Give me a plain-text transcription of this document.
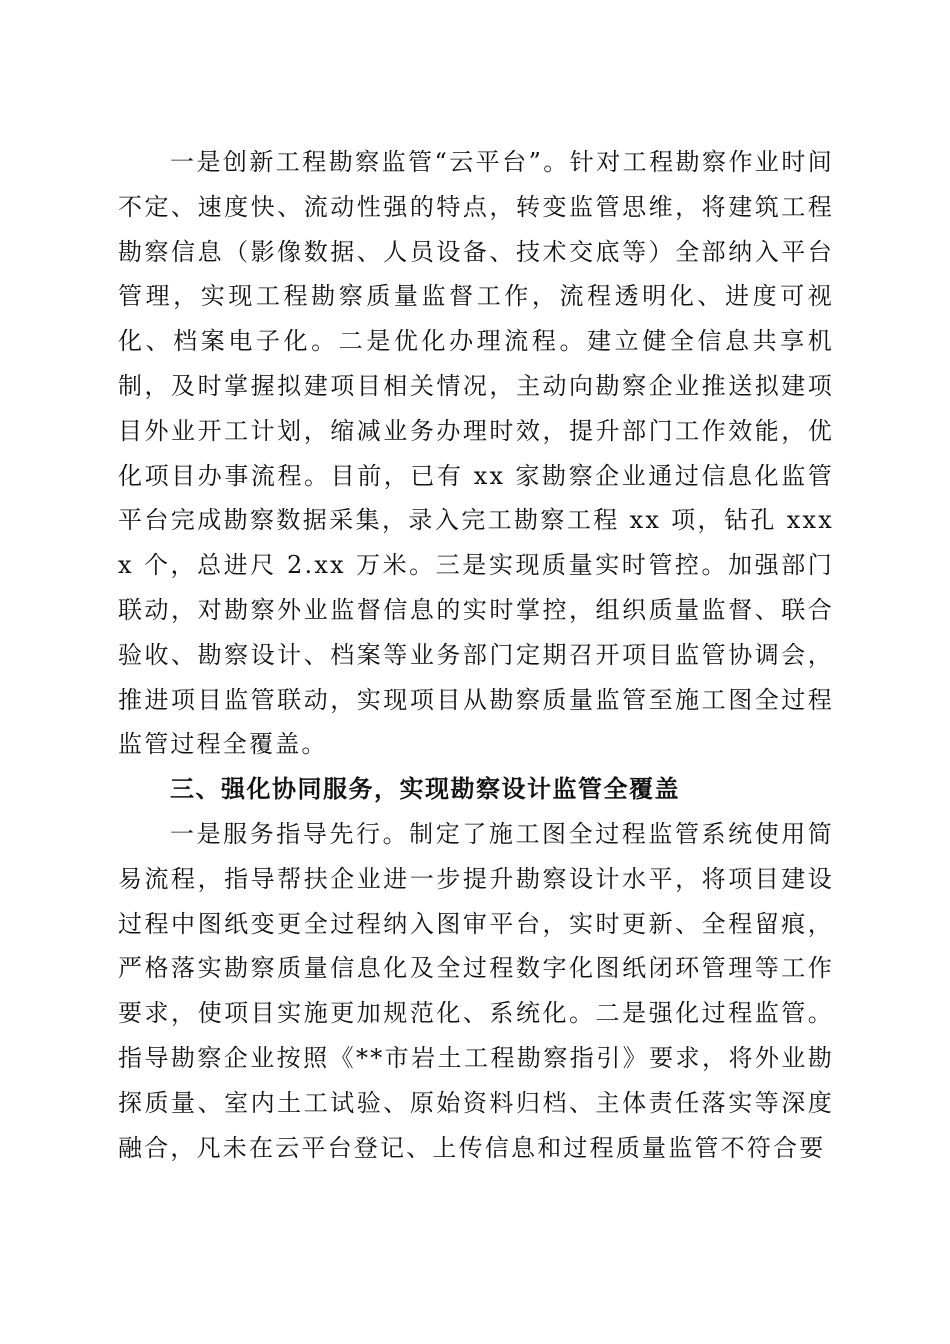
一是创新工程勘察监管“云平台”。针对工程勘察作业时间不定、速度快、流动性强的特点，转变监管思维，将建筑工程勘察信息（影像数据、人员设备、技术交底等）全部纳入平台管理，实现工程勘察质量监督工作，流程透明化、进度可视化、档案电子化。二是优化办理流程。建立健全信息共享机制，及时掌握拟建项目相关情况，主动向勘察企业推送拟建项目外业开工计划，缩减业务办理时效，提升部门工作效能，优化项目办事流程。目前，已有 xx 家勘察企业通过信息化监管平台完成勘察数据采集，录入完工勘察工程 xx 项，钻孔 xxxx 个，总进尺 2.xx 万米。三是实现质量实时管控。加强部门联动，对勘察外业监督信息的实时掌控，组织质量监督、联合验收、勘察设计、档案等业务部门定期召开项目监管协调会，推进项目监管联动，实现项目从勘察质量监管至施工图全过程监管过程全覆盖。

三、强化协同服务，实现勘察设计监管全覆盖

一是服务指导先行。制定了施工图全过程监管系统使用简易流程，指导帮扶企业进一步提升勘察设计水平，将项目建设过程中图纸变更全过程纳入图审平台，实时更新、全程留痕，严格落实勘察质量信息化及全过程数字化图纸闭环管理等工作要求，使项目实施更加规范化、系统化。二是强化过程监管。指导勘察企业按照《**市岩土工程勘察指引》要求，将外业勘探质量、室内土工试验、原始资料归档、主体责任落实等深度融合，凡未在云平台登记、上传信息和过程质量监管不符合要
